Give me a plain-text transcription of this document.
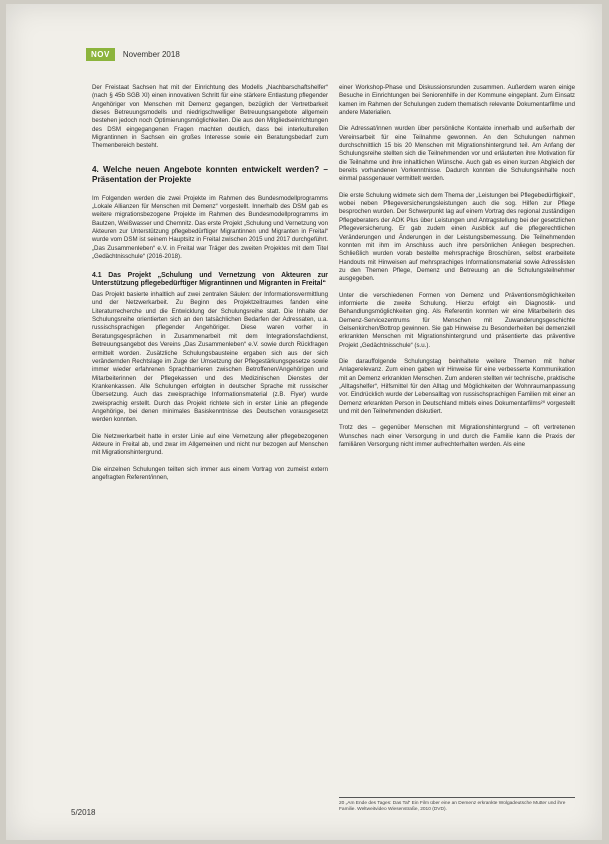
NOV	November 2018

Der Freistaat Sachsen hat mit der Einrichtung des Modells „Nachbarschaftshelfer“ (nach § 45b SGB XI) einen innovativen Schritt für eine stärkere Entlastung pflegender Angehöriger von Menschen mit Demenz gegangen, bezüglich der Vertretbarkeit dieses Betreuungsmodells und niedrigschwelliger Betreuungsangebote allgemein bestehen jedoch noch Optimierungsmöglichkeiten. Die aus den Mitgliedseinrichtungen des DSM eingegangenen Fragen machten deutlich, dass bei interkulturellen Migrantinnen in Sachsen ein großes Interesse sowie ein Beratungsbedarf zum Themenbereich besteht.

4. Welche neuen Angebote konnten entwickelt werden? – Präsentation der Projekte

Im Folgenden werden die zwei Projekte im Rahmen des Bundesmodellprogramms „Lokale Allianzen für Menschen mit Demenz“ vorgestellt. Innerhalb des DSM gab es weitere migrationsbezogene Projekte im Rahmen des Bundesmodellprogramms im Bautzen, Weißwasser und Chemnitz. Das erste Projekt „Schulung und Vernetzung von Akteuren zur Unterstützung pflegebedürftiger Migrantinnen und Migranten in Freital“ wurde vom DSM ist seinem Hauptsitz in Freital zwischen 2015 und 2017 durchgeführt. „Das Zusammenleben“ e.V. in Freital war Träger des zweiten Projektes mit dem Titel „Gedächtnisschule“ (2016-2018).

4.1 Das Projekt „Schulung und Vernetzung von Akteuren zur Unterstützung pflegebedürftiger Migrantinnen und Migranten in Freital“

Das Projekt basierte inhaltlich auf zwei zentralen Säulen: der Informationsvermittlung und der Netzwerkarbeit. Zu Beginn des Projektzeitraumes fanden eine Literaturrecherche und die Entwicklung der Schulungsreihe statt. Die Inhalte der Schulungsreihe orientierten sich an den tatsächlichen Bedarfen der Adressaten, u.a. russischsprachigen pflegender Angehöriger. Diese waren vorher in Beratungsgesprächen in Zusammenarbeit mit dem Integrationsfachdienst, Betreuungsangebot des Vereins „Das Zusammenleben“ e.V. sowie durch Rückfragen ermittelt worden. Zusätzliche Schulungsbausteine ergaben sich aus der sich verändernden Rechtslage im Zuge der Umsetzung der Pflegestärkungsgesetze sowie immer wieder erfahrenen Sprachbarrieren zwischen Betroffenen/Angehörigen und Mitarbeiterinnen der Pflegekassen und des Medizinischen Dienstes der Krankenkassen. Alle Schulungen erfolgten in deutscher Sprache mit russischer Übersetzung. Auch das zweisprachige Informationsmaterial (z.B. Flyer) wurde zweisprachig erstellt. Durch das Projekt richtete sich in erster Linie an pflegende Angehörige, bei denen minimales Basiskenntnisse des Deutschen vorausgesetzt werden konnten.

Die Netzwerkarbeit hatte in erster Linie auf eine Vernetzung aller pflegebezogenen Akteure in Freital ab, und zwar im Allgemeinen und nicht nur bezogen auf Menschen mit Migrationshintergrund.

Die einzelnen Schulungen teilten sich immer aus einem Vortrag von zumeist extern angefragten Referent/innen,

einer Workshop-Phase und Diskussionsrunden zusammen. Außerdem waren einige Besuche in Einrichtungen bei Seniorenhilfe in der Kommune eingeplant. Zum Einsatz kamen im Rahmen der Schulungen zudem thematisch relevante Dokumentarfilme und andere Materialien.

Die Adressat/innen wurden über persönliche Kontakte innerhalb und außerhalb der Vereinsarbeit für eine Teilnahme gewonnen. An den Schulungen nahmen durchschnittlich 15 bis 20 Menschen mit Migrationshintergrund teil. Am Anfang der Schulungsreihe stellten sich die Teilnehmenden vor und erläuterten ihre Motivation für die Teilnahme und ihre inhaltlichen Wünsche. Auch gab es einen kurzen Abgleich der bereits vorhandenen Vorkenntnisse. Dadurch konnten die Schulungsinhalte noch einmal passgenauer vermittelt werden.

Die erste Schulung widmete sich dem Thema der „Leistungen bei Pflegebedürftigkeit“, wobei neben Pflegeversicherungsleistungen auch die sog. Hilfen zur Pflege besprochen wurden. Der Schwerpunkt lag auf einem Vortrag des regional zuständigen Pflegeberaters der AOK Plus über Leistungen und Antragstellung bei der gesetzlichen Pflegeversicherung. Er gab zudem einen Ausblick auf die pflegerechtlichen Veränderungen und Änderungen in der Leistungsbemessung. Die Teilnehmenden konnten mit ihm im Anschluss auch ihre persönlichen Anliegen besprechen. Schließlich wurden vorab bestellte mehrsprachige Broschüren, selbst erarbeitete Handouts mit Hinweisen auf mehrsprachiges Informationsmaterial sowie Adresslisten zu den Themen Pflege, Demenz und Betreuung an die Schulungsteilnehmer ausgegeben.

Unter die verschiedenen Formen von Demenz und Präventionsmöglichkeiten informierte die zweite Schulung. Hierzu erfolgt ein Diagnostik- und Behandlungsmöglichkeiten ging. Als Referentin konnten wir eine Mitarbeiterin des Demenz-Servicezentrums für Menschen mit Zuwanderungsgeschichte Gelsenkirchen/Bottrop gewinnen. Sie gab Hinweise zu Besonderheiten bei demenziell erkrankten Menschen mit Migrationshintergrund und präsentierte das präventive Projekt „Gedächtnisschule“ (s.u.).

Die darauffolgende Schulungstag beinhaltete weitere Themen mit hoher Anlagerelevanz. Zum einen gaben wir Hinweise für eine verbesserte Kommunikation mit an Demenz erkrankten Menschen. Zum anderen stellten wir technische, praktische „Alltagshelfer“, Hilfsmittel für den Alltag und Möglichkeiten der Wohnraumanpassung vor. Eindrücklich wurde der Lebensalltag von russischsprachigen Familien mit einer an Demenz erkrankten Person in Deutschland mittels eines Dokumentarfilms²⁰ vorgestellt und mit den Teilnehmenden diskutiert.

Trotz des – gegenüber Menschen mit Migrationshintergrund – oft vertretenen Wunsches nach einer Versorgung in und durch die Familie kann die Praxis der familiären Versorgung nicht immer aufrechterhalten werden. Als eine

20 „Am Ende des Tages: Das Tal“ Ein Film über eine an Demenz erkrankte Wolgadeutsche Mutter und ihre Familie. Weltweitvideo Wiesenstraße, 2010 (DVD).
5/2018
